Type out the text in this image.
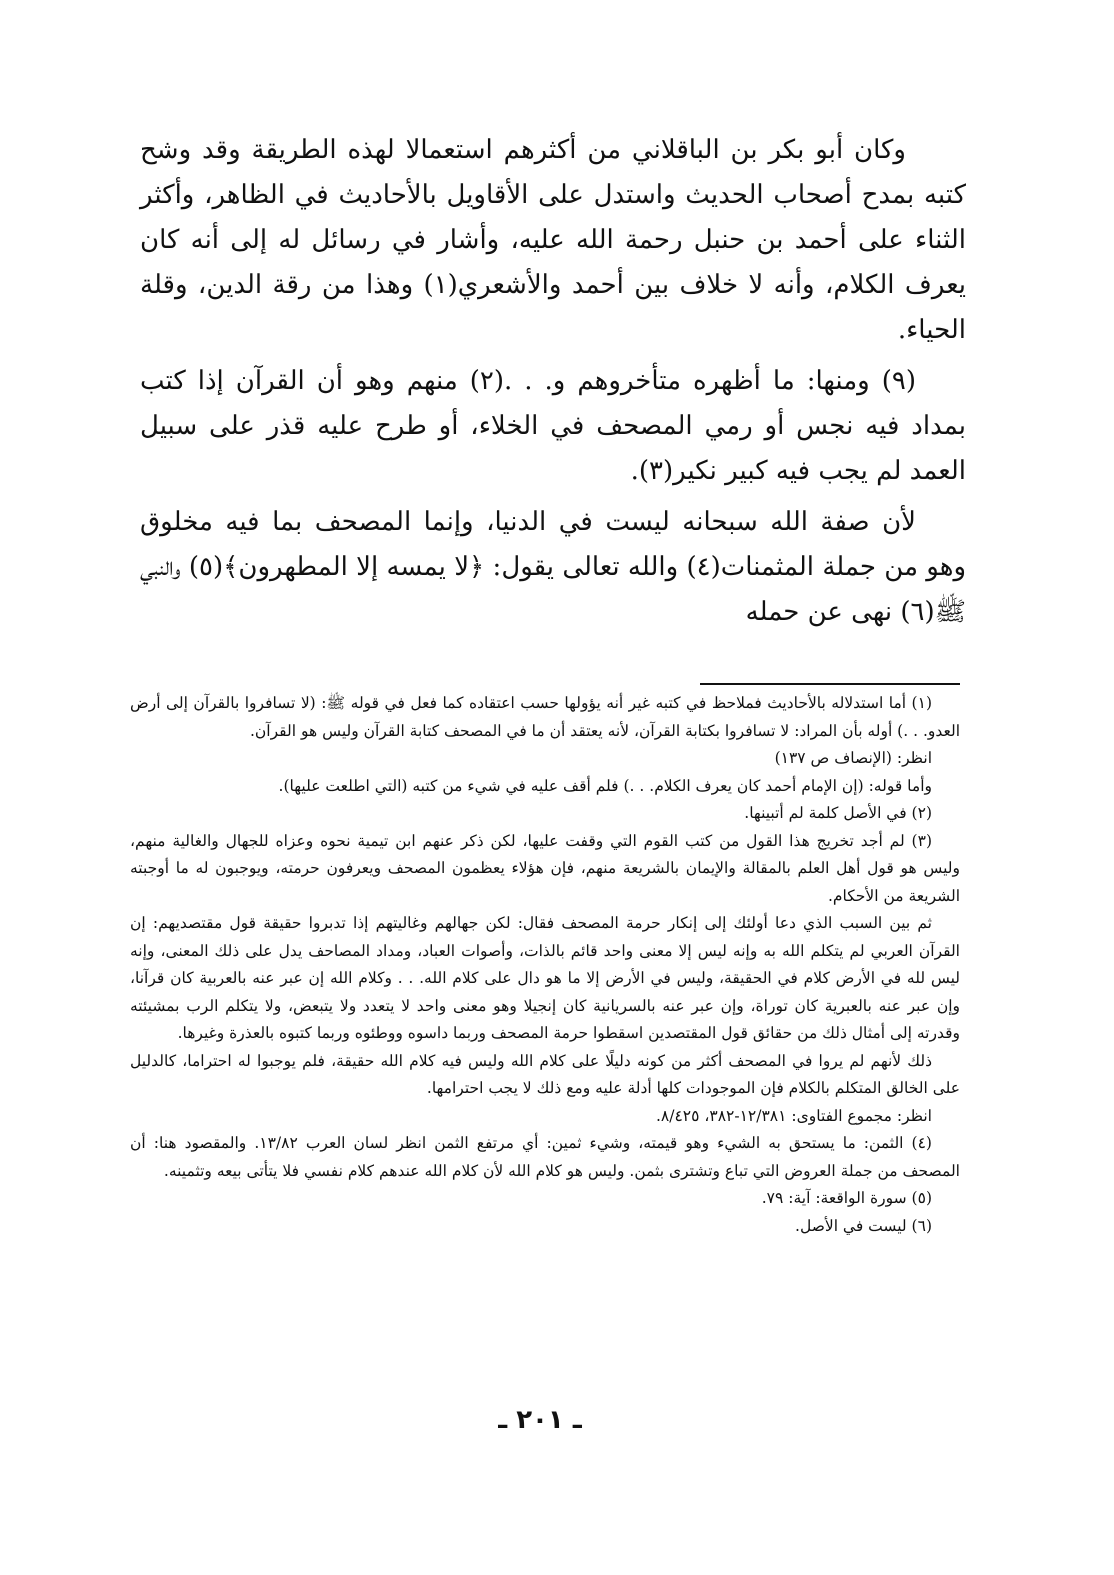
وكان أبو بكر بن الباقلاني من أكثرهم استعمالا لهذه الطريقة وقد وشح كتبه بمدح أصحاب الحديث واستدل على الأقاويل بالأحاديث في الظاهر، وأكثر الثناء على أحمد بن حنبل رحمة الله عليه، وأشار في رسائل له إلى أنه كان يعرف الكلام، وأنه لا خلاف بين أحمد والأشعري(١) وهذا من رقة الدين، وقلة الحياء.

(٩) ومنها: ما أظهره متأخروهم و. . .(٢) منهم وهو أن القرآن إذا كتب بمداد فيه نجس أو رمي المصحف في الخلاء، أو طرح عليه قذر على سبيل العمد لم يجب فيه كبير نكير(٣).

لأن صفة الله سبحانه ليست في الدنيا، وإنما المصحف بما فيه مخلوق وهو من جملة المثمنات(٤) والله تعالى يقول: ﴿لا يمسه إلا المطهرون﴾(٥) والنبي ﷺ(٦) نهى عن حمله

(١) أما استدلاله بالأحاديث فملاحظ في كتبه غير أنه يؤولها حسب اعتقاده كما فعل في قوله ﷺ: (لا تسافروا بالقرآن إلى أرض العدو. . .) أوله بأن المراد: لا تسافروا بكتابة القرآن، لأنه يعتقد أن ما في المصحف كتابة القرآن وليس هو القرآن.

انظر: (الإنصاف ص ١٣٧)

وأما قوله: (إن الإمام أحمد كان يعرف الكلام. . .) فلم أقف عليه في شيء من كتبه (التي اطلعت عليها).

(٢) في الأصل كلمة لم أتبينها.

(٣) لم أجد تخريج هذا القول من كتب القوم التي وقفت عليها، لكن ذكر عنهم ابن تيمية نحوه وعزاه للجهال والغالية منهم، وليس هو قول أهل العلم بالمقالة والإيمان بالشريعة منهم، فإن هؤلاء يعظمون المصحف ويعرفون حرمته، ويوجبون له ما أوجبته الشريعة من الأحكام.

ثم بين السبب الذي دعا أولئك إلى إنكار حرمة المصحف فقال: لكن جهالهم وغاليتهم إذا تدبروا حقيقة قول مقتصديهم: إن القرآن العربي لم يتكلم الله به وإنه ليس إلا معنى واحد قائم بالذات، وأصوات العباد، ومداد المصاحف يدل على ذلك المعنى، وإنه ليس لله في الأرض كلام في الحقيقة، وليس في الأرض إلا ما هو دال على كلام الله. . . وكلام الله إن عبر عنه بالعربية كان قرآنا، وإن عبر عنه بالعبرية كان توراة، وإن عبر عنه بالسريانية كان إنجيلا وهو معنى واحد لا يتعدد ولا يتبعض، ولا يتكلم الرب بمشيئته وقدرته إلى أمثال ذلك من حقائق قول المقتصدين اسقطوا حرمة المصحف وربما داسوه ووطئوه وربما كتبوه بالعذرة وغيرها.

ذلك لأنهم لم يروا في المصحف أكثر من كونه دليلًا على كلام الله وليس فيه كلام الله حقيقة، فلم يوجبوا له احتراما، كالدليل على الخالق المتكلم بالكلام فإن الموجودات كلها أدلة عليه ومع ذلك لا يجب احترامها.

انظر: مجموع الفتاوى: ١٢/٣٨١-٣٨٢، ٨/٤٢٥.

(٤) الثمن: ما يستحق به الشيء وهو قيمته، وشيء ثمين: أي مرتفع الثمن انظر لسان العرب ١٣/٨٢. والمقصود هنا: أن المصحف من جملة العروض التي تباع وتشترى بثمن. وليس هو كلام الله لأن كلام الله عندهم كلام نفسي فلا يتأتى بيعه وتثمينه.

(٥) سورة الواقعة: آية: ٧٩.

(٦) ليست في الأصل.

ـ ٢٠١ ـ
